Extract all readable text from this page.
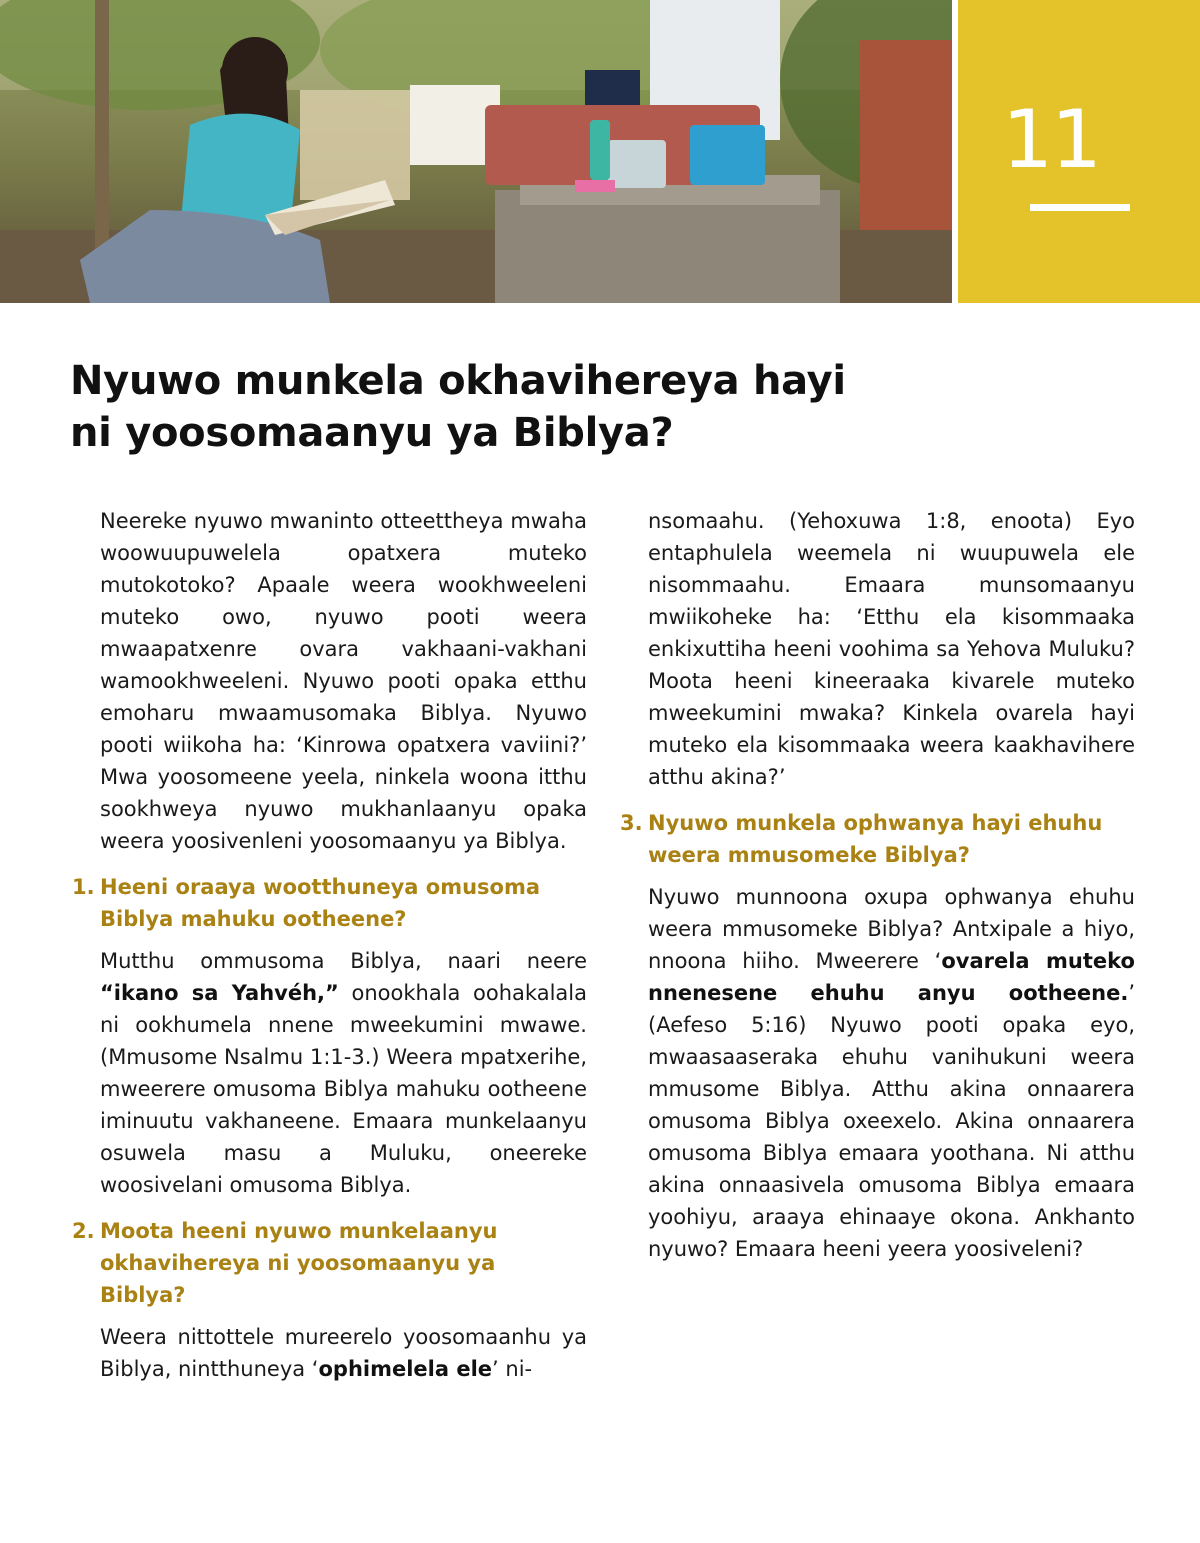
11
Nyuwo munkela okhavihereya hayi
ni yoosomaanyu ya Biblya?

Neereke nyuwo mwaninto otteettheya mwaha woowuupuwelela opatxera muteko mutokotoko? Apaale weera wookhweeleni muteko owo, nyuwo pooti weera mwaapatxenre ovara vakhaani-vakhani wamookhweeleni. Nyuwo pooti opaka etthu emoharu mwaamusomaka Biblya. Nyuwo pooti wiikoha ha: ‘Kinrowa opatxera vaviini?’ Mwa yoosomeene yeela, ninkela woona itthu sookhweya nyuwo mukhanlaanyu opaka weera yoosivenleni yoosomaanyu ya Biblya.

1. Heeni oraaya wootthuneya omusoma Biblya mahuku ootheene?

Mutthu ommusoma Biblya, naari neere “ikano sa Yahvéh,” onookhala oohakalala ni ookhumela nnene mweekumini mwawe. (Mmusome Nsalmu 1:1-3.) Weera mpatxerihe, mweerere omusoma Biblya mahuku ootheene iminuutu vakhaneene. Emaara munkelaanyu osuwela masu a Muluku, oneereke woosivelani omusoma Biblya.

2. Moota heeni nyuwo munkelaanyu okhavihereya ni yoosomaanyu ya Biblya?

Weera nittottele mureerelo yoosomaanhu ya Biblya, nintthuneya ‘ophimelela ele’ ni-

nsomaahu. (Yehoxuwa 1:8, enoota) Eyo entaphulela weemela ni wuupuwela ele nisommaahu. Emaara munsomaanyu mwiikoheke ha: ‘Etthu ela kisommaaka enkixuttiha heeni voohima sa Yehova Muluku? Moota heeni kineeraaka kivarele muteko mweekumini mwaka? Kinkela ovarela hayi muteko ela kisommaaka weera kaakhavihere atthu akina?’

3. Nyuwo munkela ophwanya hayi ehuhu weera mmusomeke Biblya?

Nyuwo munnoona oxupa ophwanya ehuhu weera mmusomeke Biblya? Antxipale a hiyo, nnoona hiiho. Mweerere ‘ovarela muteko nnenesene ehuhu anyu ootheene.’ (Aefeso 5:16) Nyuwo pooti opaka eyo, mwaasaaseraka ehuhu vanihukuni weera mmusome Biblya. Atthu akina onnaarera omusoma Biblya oxeexelo. Akina onnaarera omusoma Biblya emaara yoothana. Ni atthu akina onnaasivela omusoma Biblya emaara yoohiyu, araaya ehinaaye okona. Ankhanto nyuwo? Emaara heeni yeera yoosiveleni?
